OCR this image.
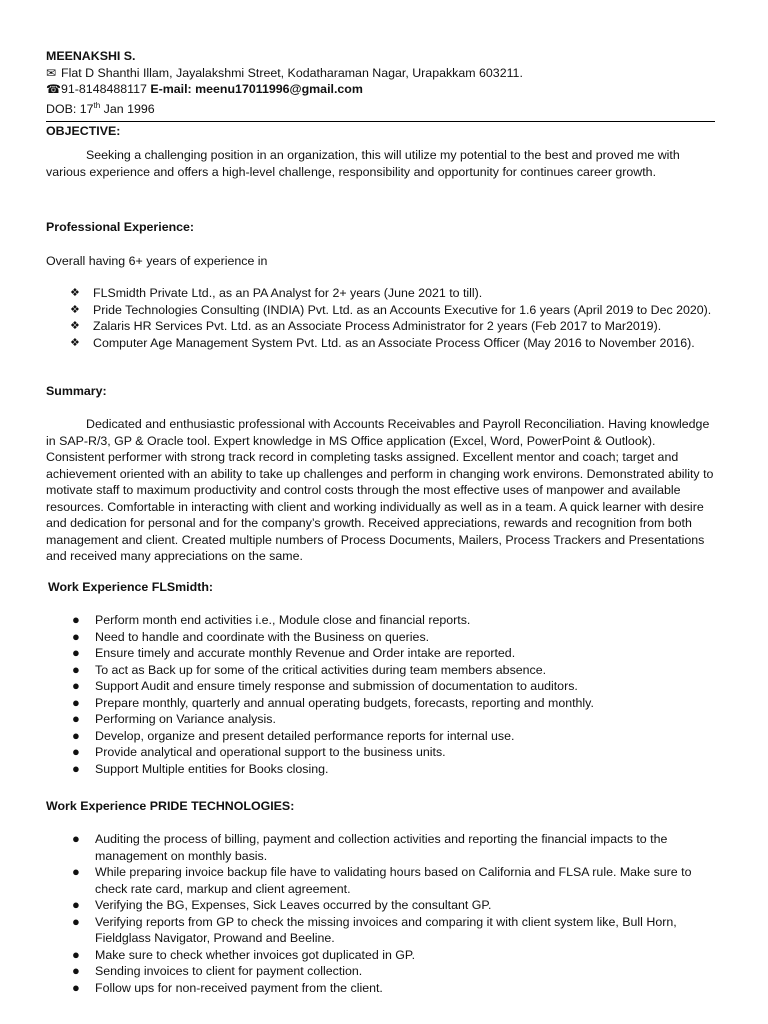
MEENAKSHI S.
✉ Flat D Shanthi Illam, Jayalakshmi Street, Kodatharaman Nagar, Urapakkam 603211.
☎91-8148488117 E-mail: meenu17011996@gmail.com
DOB: 17th Jan 1996
OBJECTIVE:
Seeking a challenging position in an organization, this will utilize my potential to the best and proved me with various experience and offers a high-level challenge, responsibility and opportunity for continues career growth.
Professional Experience:
Overall having 6+ years of experience in
❖ FLSmidth Private Ltd., as an PA Analyst for 2+ years (June 2021 to till).
❖ Pride Technologies Consulting (INDIA) Pvt. Ltd. as an Accounts Executive for 1.6 years (April 2019 to Dec 2020).
❖ Zalaris HR Services Pvt. Ltd. as an Associate Process Administrator for 2 years (Feb 2017 to Mar2019).
❖ Computer Age Management System Pvt. Ltd. as an Associate Process Officer (May 2016 to November 2016).
Summary:
Dedicated and enthusiastic professional with Accounts Receivables and Payroll Reconciliation. Having knowledge in SAP-R/3, GP & Oracle tool. Expert knowledge in MS Office application (Excel, Word, PowerPoint & Outlook). Consistent performer with strong track record in completing tasks assigned. Excellent mentor and coach; target and achievement oriented with an ability to take up challenges and perform in changing work environs. Demonstrated ability to motivate staff to maximum productivity and control costs through the most effective uses of manpower and available resources. Comfortable in interacting with client and working individually as well as in a team. A quick learner with desire and dedication for personal and for the company’s growth. Received appreciations, rewards and recognition from both management and client. Created multiple numbers of Process Documents, Mailers, Process Trackers and Presentations and received many appreciations on the same.
Work Experience FLSmidth:
● Perform month end activities i.e., Module close and financial reports.
● Need to handle and coordinate with the Business on queries.
● Ensure timely and accurate monthly Revenue and Order intake are reported.
● To act as Back up for some of the critical activities during team members absence.
● Support Audit and ensure timely response and submission of documentation to auditors.
● Prepare monthly, quarterly and annual operating budgets, forecasts, reporting and monthly.
● Performing on Variance analysis.
● Develop, organize and present detailed performance reports for internal use.
● Provide analytical and operational support to the business units.
● Support Multiple entities for Books closing.
Work Experience PRIDE TECHNOLOGIES:
● Auditing the process of billing, payment and collection activities and reporting the financial impacts to the management on monthly basis.
● While preparing invoice backup file have to validating hours based on California and FLSA rule. Make sure to check rate card, markup and client agreement.
● Verifying the BG, Expenses, Sick Leaves occurred by the consultant GP.
● Verifying reports from GP to check the missing invoices and comparing it with client system like, Bull Horn, Fieldglass Navigator, Prowand and Beeline.
● Make sure to check whether invoices got duplicated in GP.
● Sending invoices to client for payment collection.
● Follow ups for non-received payment from the client.
